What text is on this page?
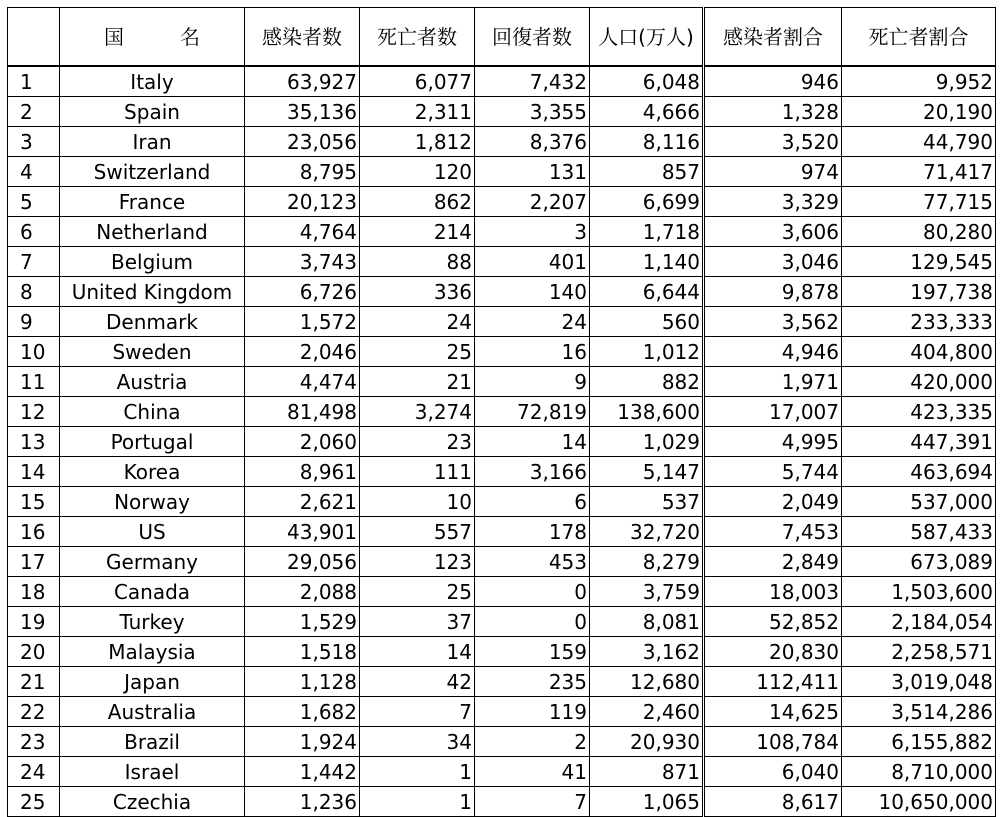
	国　名	感染者数	死亡者数	回復者数	人口(万人)	感染者割合	死亡者割合
1	Italy	63,927	6,077	7,432	6,048	946	9,952
2	Spain	35,136	2,311	3,355	4,666	1,328	20,190
3	Iran	23,056	1,812	8,376	8,116	3,520	44,790
4	Switzerland	8,795	120	131	857	974	71,417
5	France	20,123	862	2,207	6,699	3,329	77,715
6	Netherland	4,764	214	3	1,718	3,606	80,280
7	Belgium	3,743	88	401	1,140	3,046	129,545
8	United Kingdom	6,726	336	140	6,644	9,878	197,738
9	Denmark	1,572	24	24	560	3,562	233,333
10	Sweden	2,046	25	16	1,012	4,946	404,800
11	Austria	4,474	21	9	882	1,971	420,000
12	China	81,498	3,274	72,819	138,600	17,007	423,335
13	Portugal	2,060	23	14	1,029	4,995	447,391
14	Korea	8,961	111	3,166	5,147	5,744	463,694
15	Norway	2,621	10	6	537	2,049	537,000
16	US	43,901	557	178	32,720	7,453	587,433
17	Germany	29,056	123	453	8,279	2,849	673,089
18	Canada	2,088	25	0	3,759	18,003	1,503,600
19	Turkey	1,529	37	0	8,081	52,852	2,184,054
20	Malaysia	1,518	14	159	3,162	20,830	2,258,571
21	Japan	1,128	42	235	12,680	112,411	3,019,048
22	Australia	1,682	7	119	2,460	14,625	3,514,286
23	Brazil	1,924	34	2	20,930	108,784	6,155,882
24	Israel	1,442	1	41	871	6,040	8,710,000
25	Czechia	1,236	1	7	1,065	8,617	10,650,000
